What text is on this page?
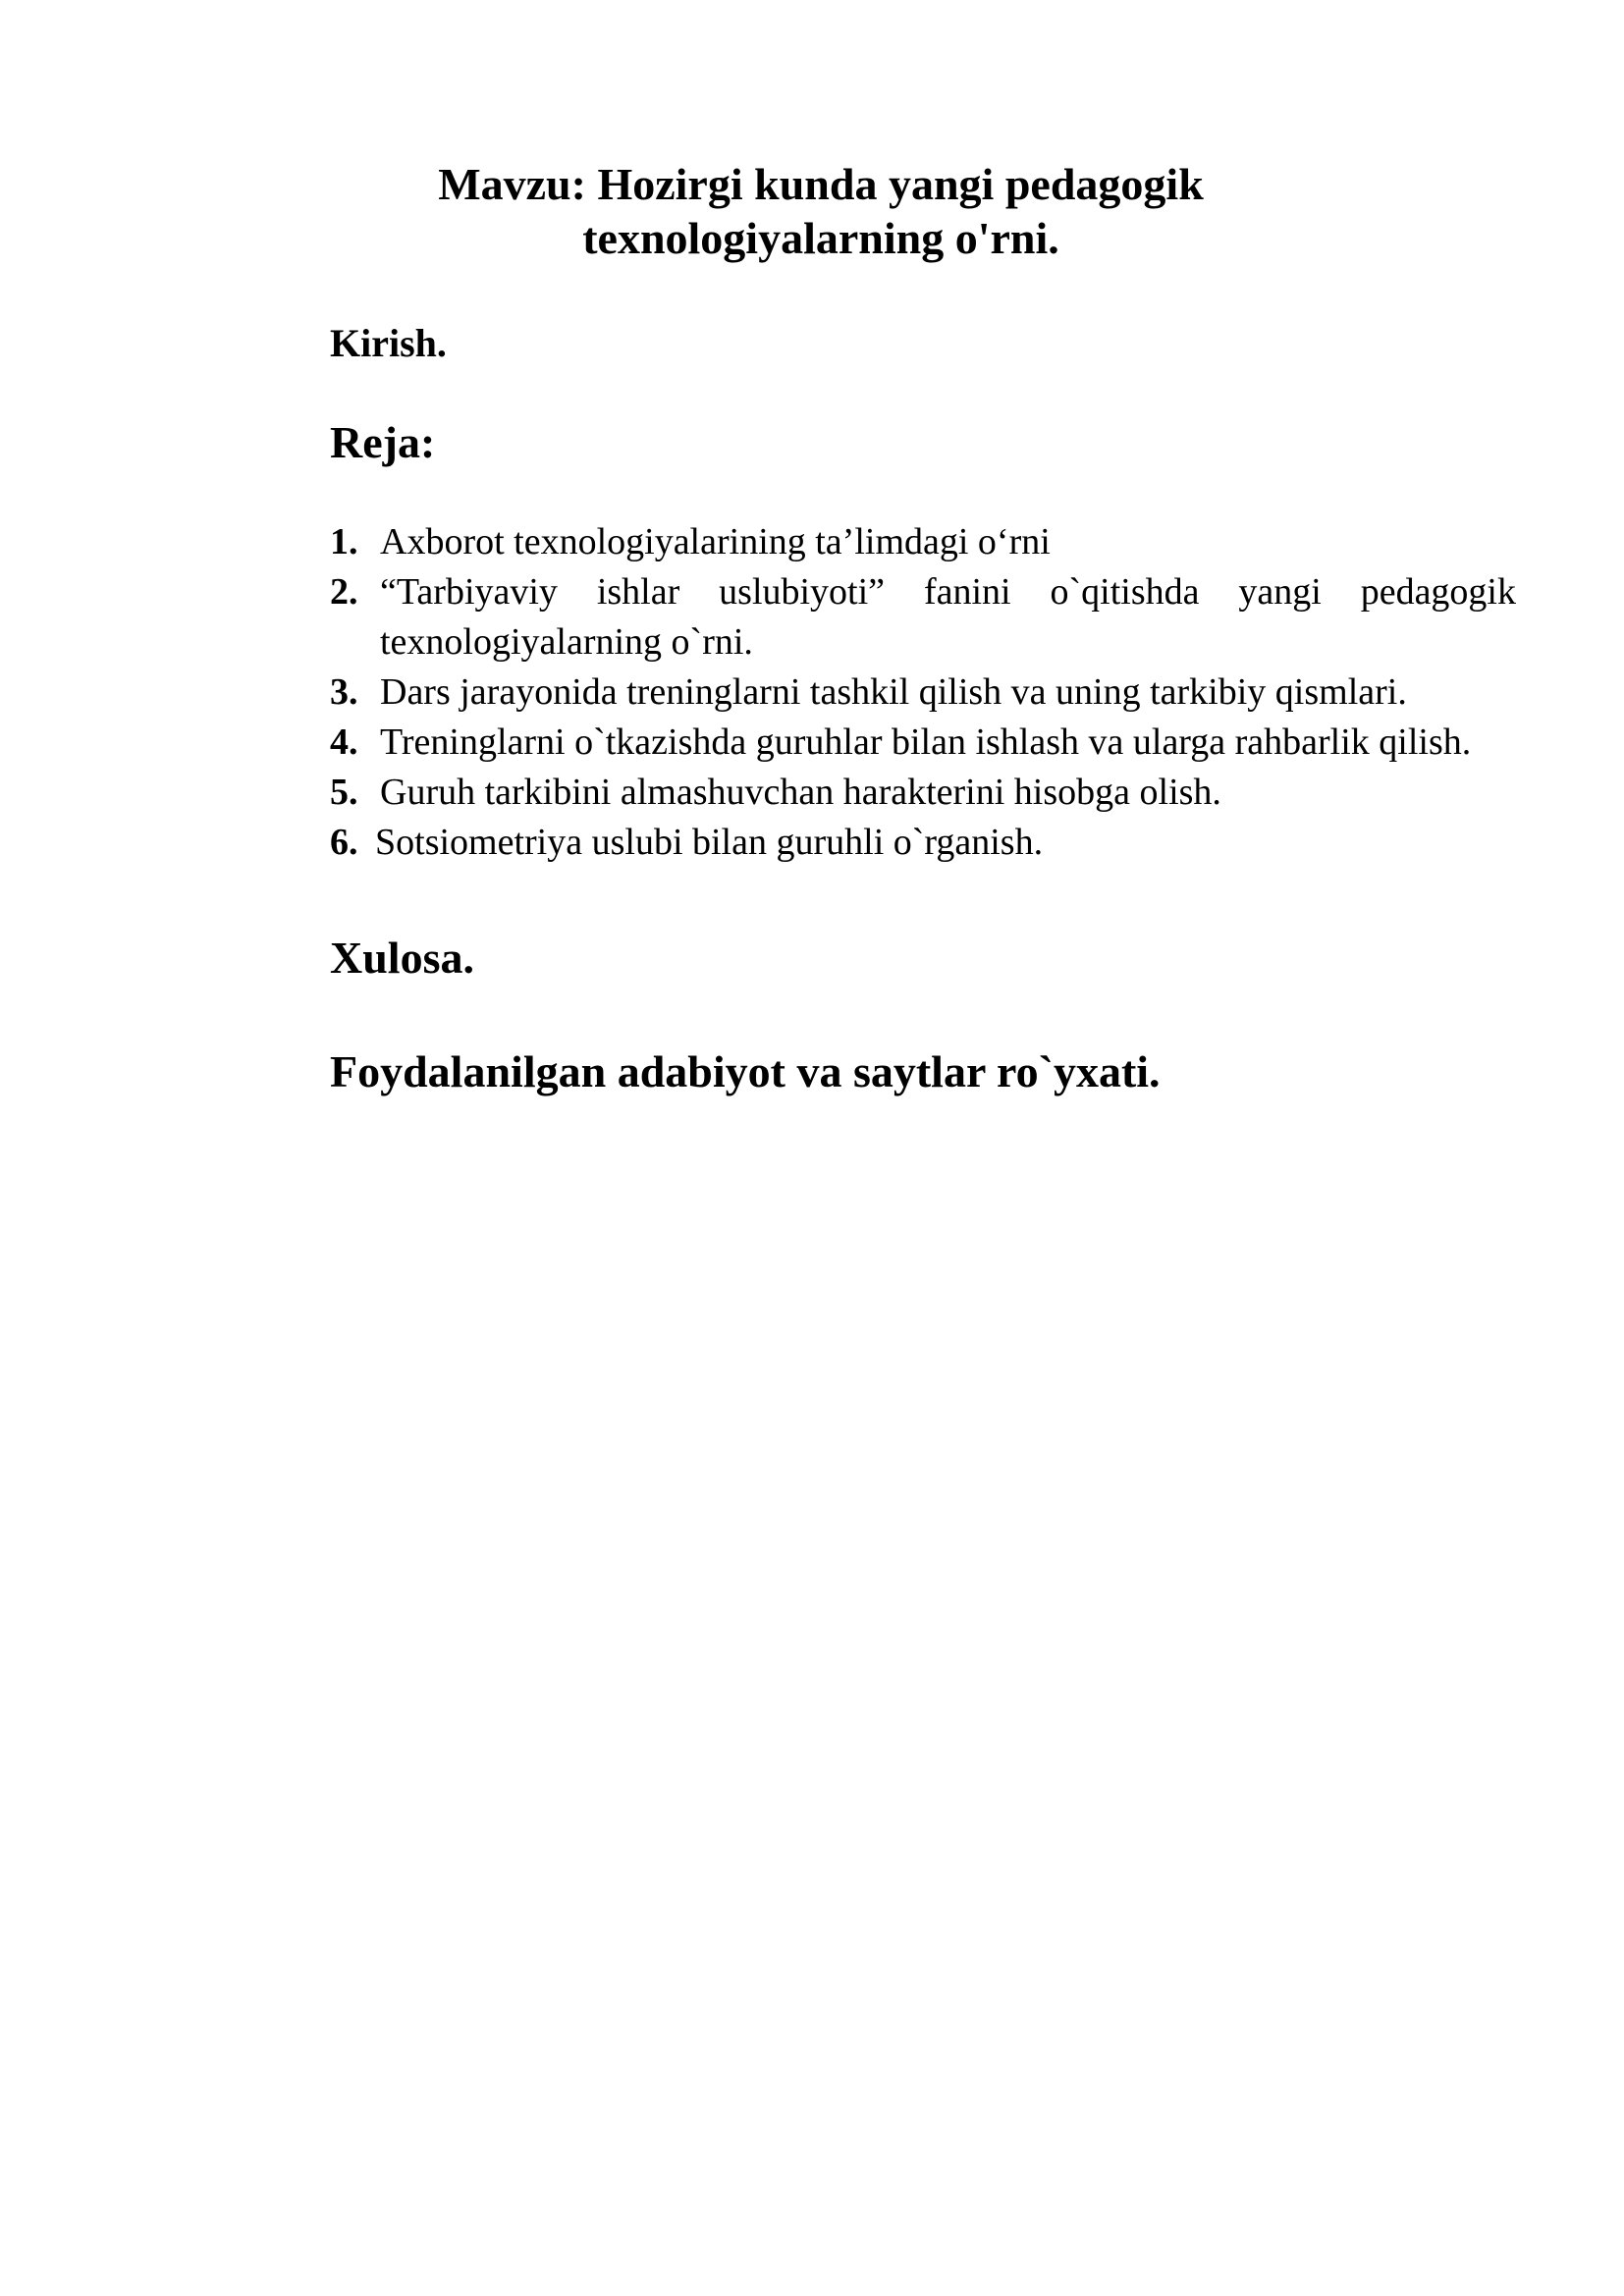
Mavzu: Hozirgi kunda yangi pedagogik
texnologiyalarning o'rni.

Kirish.

Reja:
1. Axborot texnologiyalarining ta’limdagi o‘rni
2. “Tarbiyaviy ishlar uslubiyoti” fanini o`qitishda yangi pedagogik texnologiyalarning o`rni.
3. Dars jarayonida treninglarni tashkil qilish va uning tarkibiy qismlari.
4. Treninglarni o`tkazishda guruhlar bilan ishlash va ularga rahbarlik qilish.
5. Guruh tarkibini almashuvchan harakterini hisobga olish.
6. Sotsiometriya uslubi bilan guruhli o`rganish.
Xulosa.
Foydalanilgan adabiyot va saytlar ro`yxati.
